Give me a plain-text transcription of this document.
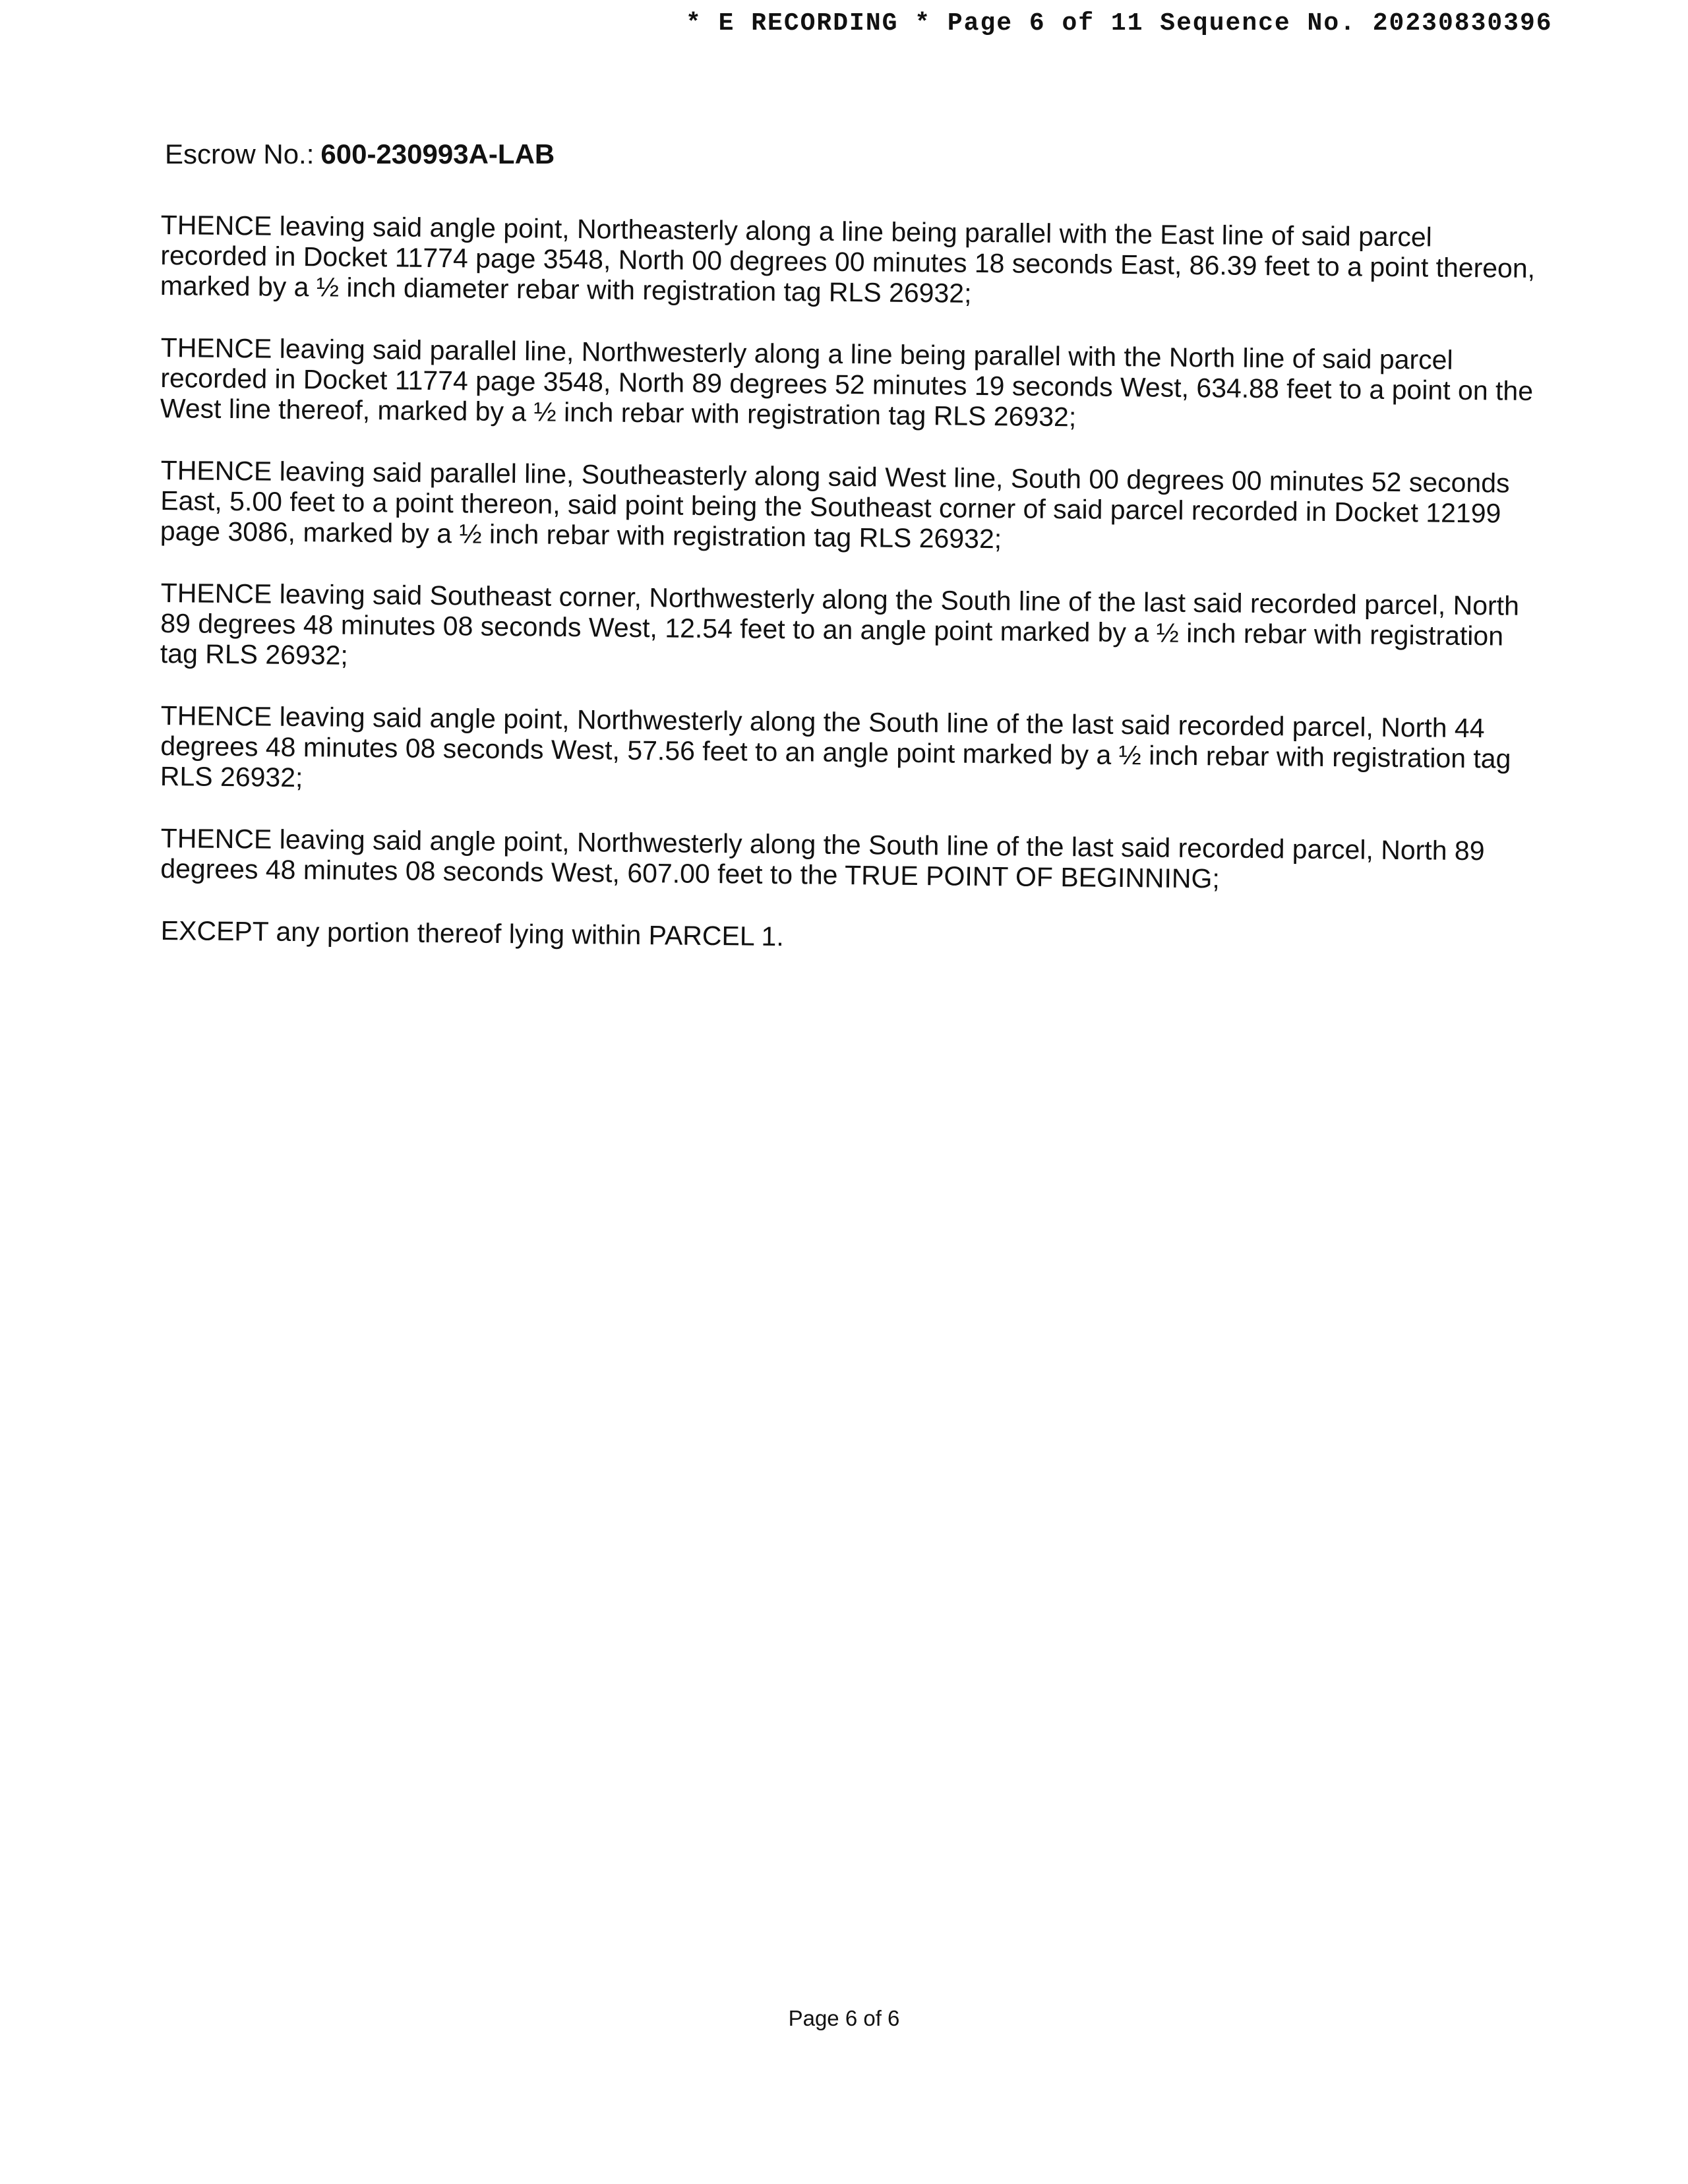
* E RECORDING * Page 6 of 11 Sequence No. 20230830396
Escrow No.: 600-230993A-LAB

THENCE leaving said angle point, Northeasterly along a line being parallel with the East line of said parcel recorded in Docket 11774 page 3548, North 00 degrees 00 minutes 18 seconds East, 86.39 feet to a point thereon, marked by a ½ inch diameter rebar with registration tag RLS 26932;

THENCE leaving said parallel line, Northwesterly along a line being parallel with the North line of said parcel recorded in Docket 11774 page 3548, North 89 degrees 52 minutes 19 seconds West, 634.88 feet to a point on the West line thereof, marked by a ½ inch rebar with registration tag RLS 26932;

THENCE leaving said parallel line, Southeasterly along said West line, South 00 degrees 00 minutes 52 seconds East, 5.00 feet to a point thereon, said point being the Southeast corner of said parcel recorded in Docket 12199 page 3086, marked by a ½ inch rebar with registration tag RLS 26932;

THENCE leaving said Southeast corner, Northwesterly along the South line of the last said recorded parcel, North 89 degrees 48 minutes 08 seconds West, 12.54 feet to an angle point marked by a ½ inch rebar with registration tag RLS 26932;

THENCE leaving said angle point, Northwesterly along the South line of the last said recorded parcel, North 44 degrees 48 minutes 08 seconds West, 57.56 feet to an angle point marked by a ½ inch rebar with registration tag RLS 26932;

THENCE leaving said angle point, Northwesterly along the South line of the last said recorded parcel, North 89 degrees 48 minutes 08 seconds West, 607.00 feet to the TRUE POINT OF BEGINNING;

EXCEPT any portion thereof lying within PARCEL 1.

Page 6 of 6
